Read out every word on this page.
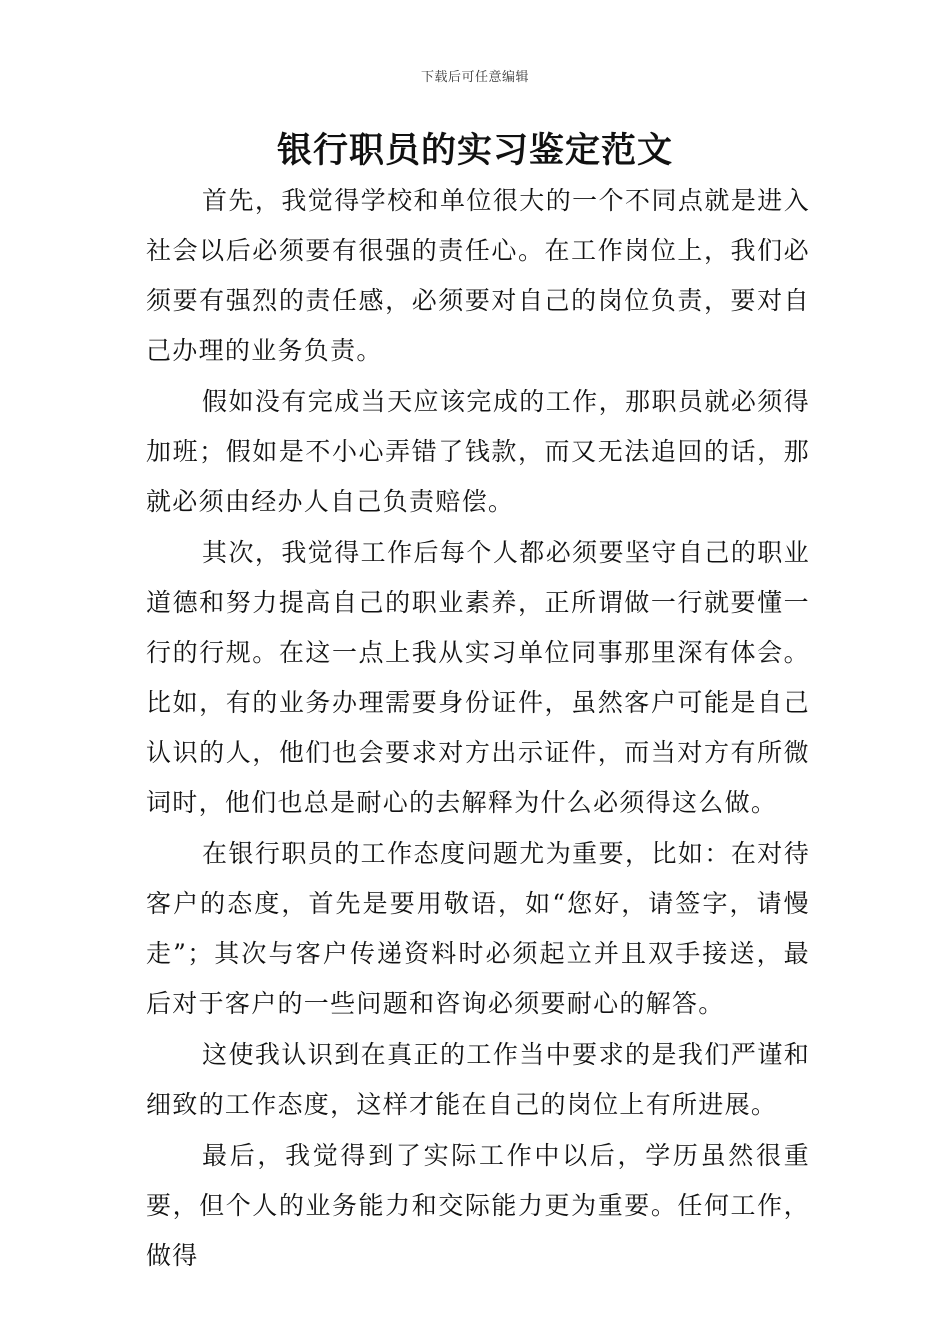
下载后可任意编辑
银行职员的实习鉴定范文

首先，我觉得学校和单位很大的一个不同点就是进入社会以后必须要有很强的责任心。在工作岗位上，我们必须要有强烈的责任感，必须要对自己的岗位负责，要对自己办理的业务负责。

假如没有完成当天应该完成的工作，那职员就必须得加班；假如是不小心弄错了钱款，而又无法追回的话，那就必须由经办人自己负责赔偿。

其次，我觉得工作后每个人都必须要坚守自己的职业道德和努力提高自己的职业素养，正所谓做一行就要懂一行的行规。在这一点上我从实习单位同事那里深有体会。比如，有的业务办理需要身份证件，虽然客户可能是自己认识的人，他们也会要求对方出示证件，而当对方有所微词时，他们也总是耐心的去解释为什么必须得这么做。

在银行职员的工作态度问题尤为重要，比如：在对待客户的态度，首先是要用敬语，如“您好，请签字，请慢走”；其次与客户传递资料时必须起立并且双手接送，最后对于客户的一些问题和咨询必须要耐心的解答。

这使我认识到在真正的工作当中要求的是我们严谨和细致的工作态度，这样才能在自己的岗位上有所进展。

最后，我觉得到了实际工作中以后，学历虽然很重要，但个人的业务能力和交际能力更为重要。任何工作，做得
